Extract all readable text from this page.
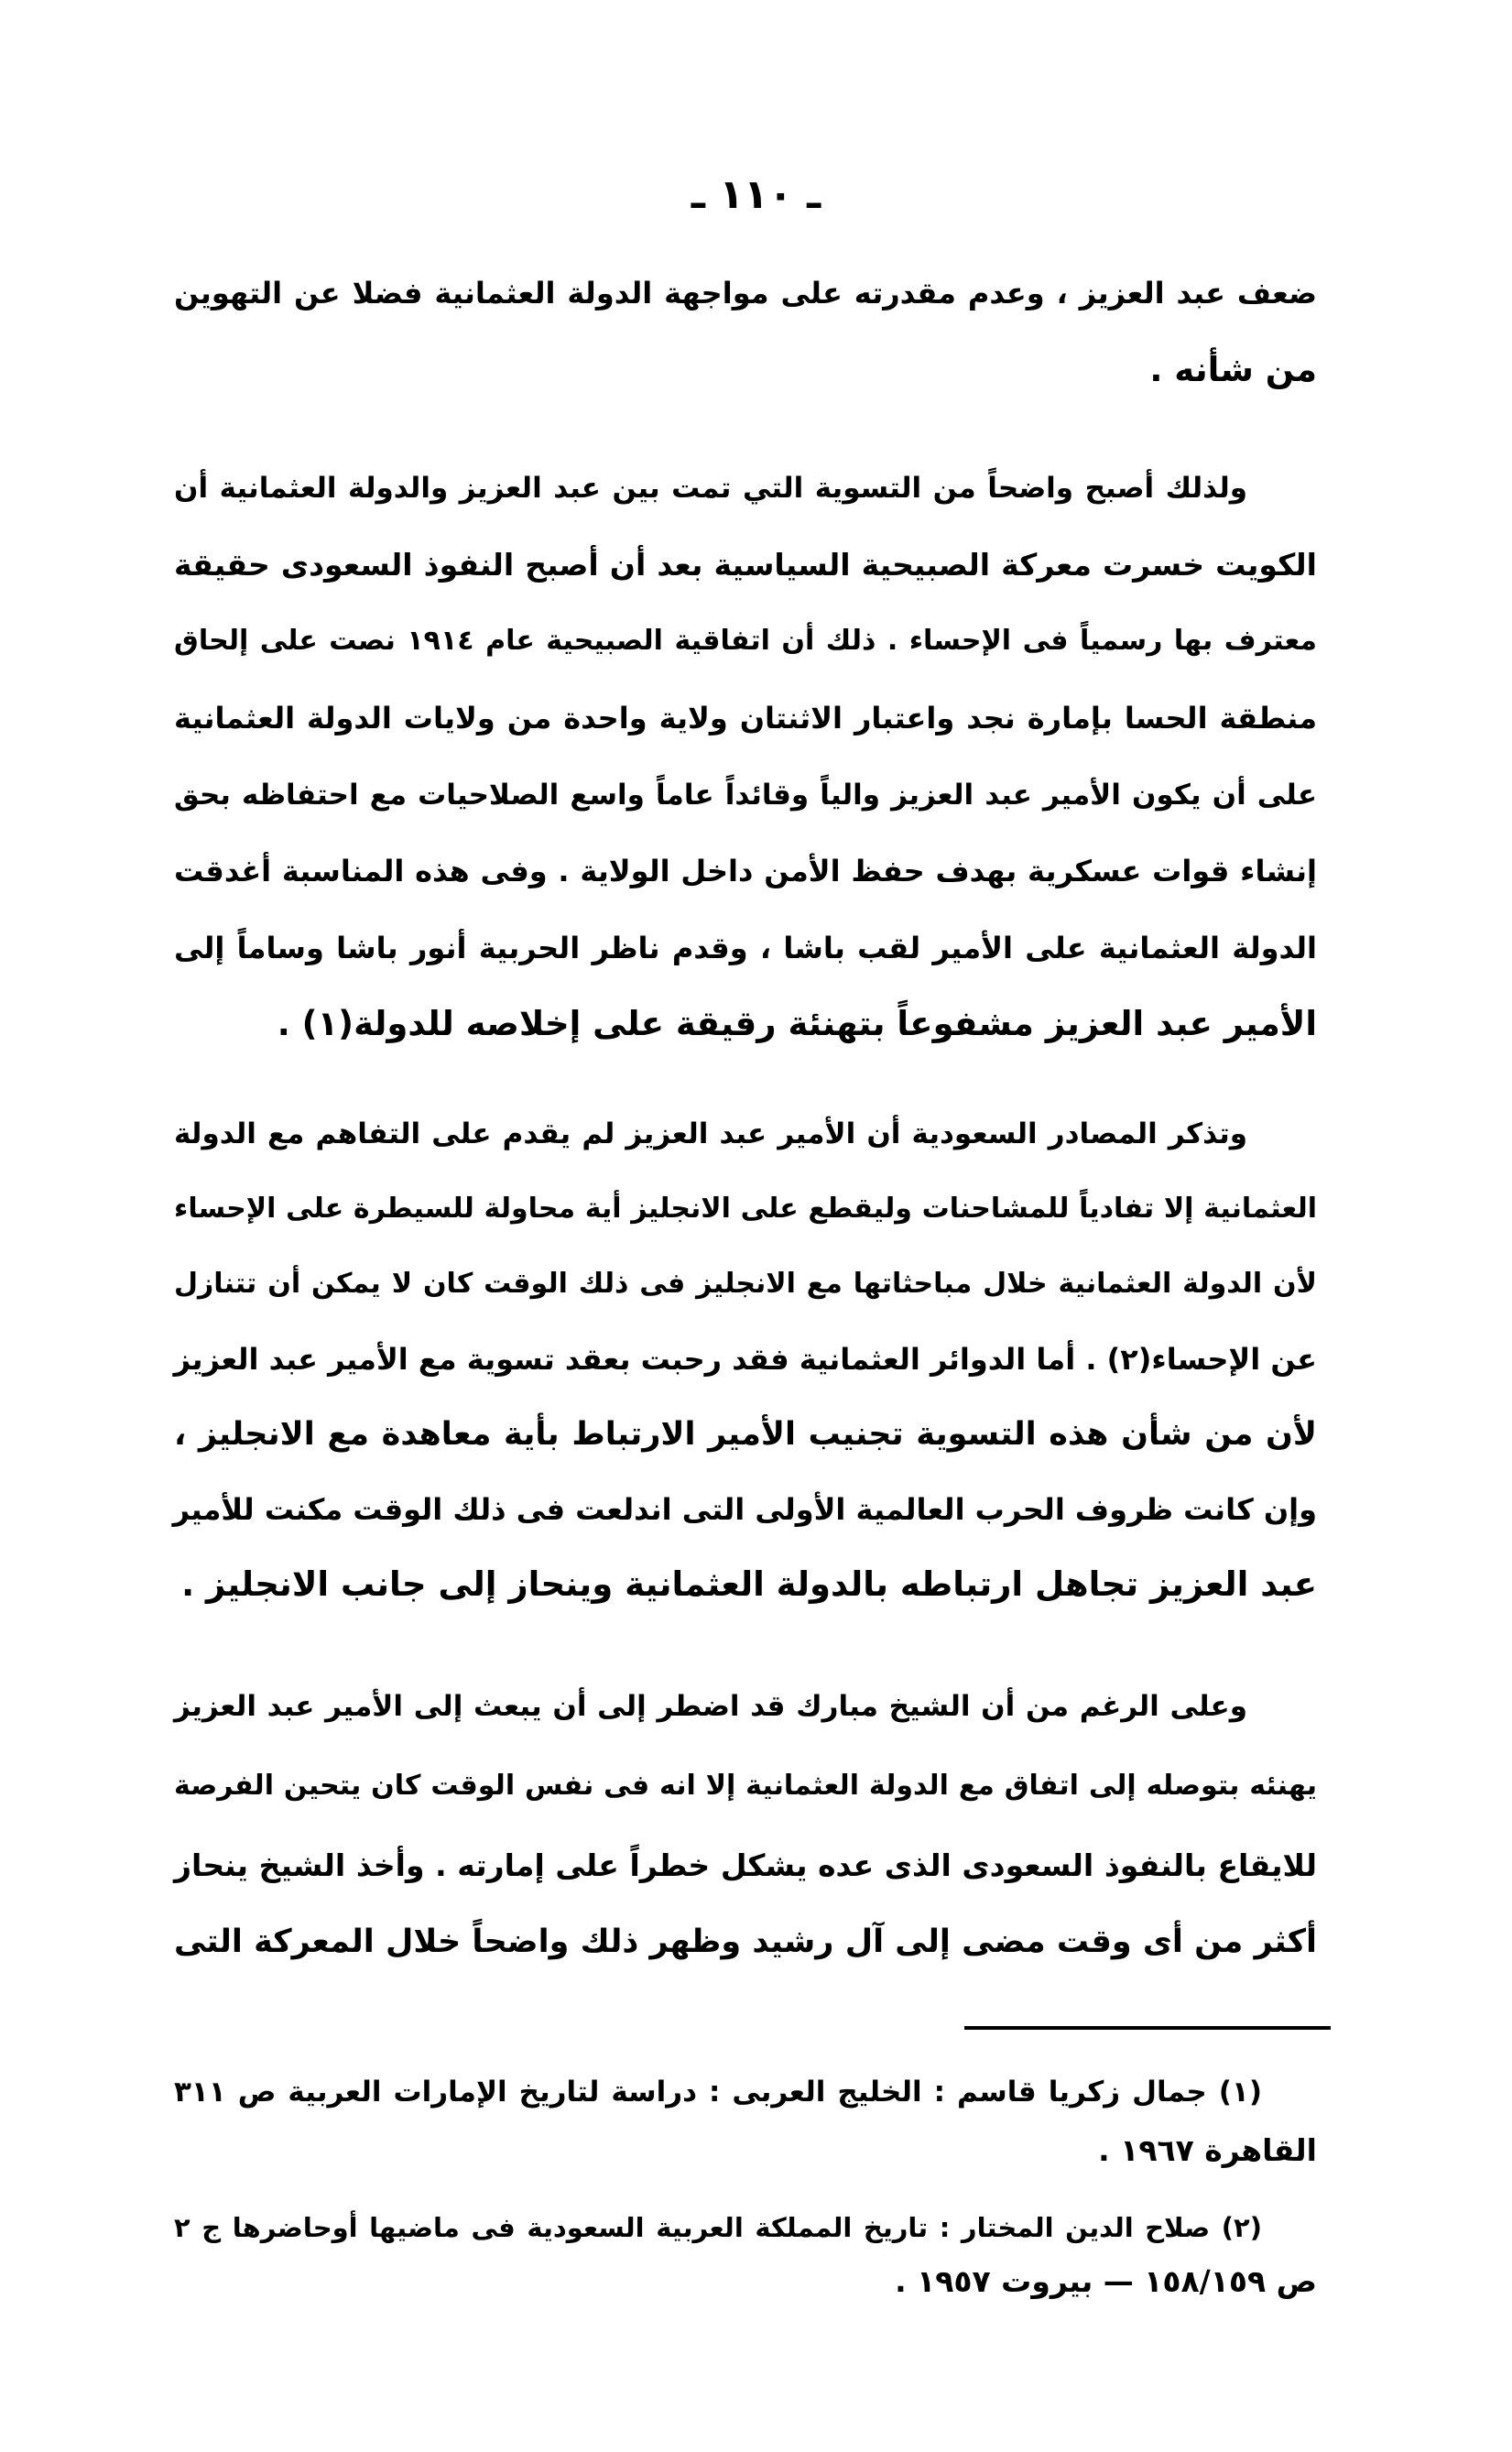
ـ ١١٠ ـ
ضعف عبد العزيز ، وعدم مقدرته على مواجهة الدولة العثمانية فضلا عن التهوين
من شأنه .
ولذلك أصبح واضحاً من التسوية التي تمت بين عبد العزيز والدولة العثمانية أن
الكويت خسرت معركة الصبيحية السياسية بعد أن أصبح النفوذ السعودى حقيقة
معترف بها رسمياً فى الإحساء . ذلك أن اتفاقية الصبيحية عام ١٩١٤ نصت على إلحاق
منطقة الحسا بإمارة نجد واعتبار الاثنتان ولاية واحدة من ولايات الدولة العثمانية
على أن يكون الأمير عبد العزيز والياً وقائداً عاماً واسع الصلاحيات مع احتفاظه بحق
إنشاء قوات عسكرية بهدف حفظ الأمن داخل الولاية . وفى هذه المناسبة أغدقت
الدولة العثمانية على الأمير لقب باشا ، وقدم ناظر الحربية أنور باشا وساماً إلى
الأمير عبد العزيز مشفوعاً بتهنئة رقيقة على إخلاصه للدولة(١) .
وتذكر المصادر السعودية أن الأمير عبد العزيز لم يقدم على التفاهم مع الدولة
العثمانية إلا تفادياً للمشاحنات وليقطع على الانجليز أية محاولة للسيطرة على الإحساء
لأن الدولة العثمانية خلال مباحثاتها مع الانجليز فى ذلك الوقت كان لا يمكن أن تتنازل
عن الإحساء(٢) . أما الدوائر العثمانية فقد رحبت بعقد تسوية مع الأمير عبد العزيز
لأن من شأن هذه التسوية تجنيب الأمير الارتباط بأية معاهدة مع الانجليز ،
وإن كانت ظروف الحرب العالمية الأولى التى اندلعت فى ذلك الوقت مكنت للأمير
عبد العزيز تجاهل ارتباطه بالدولة العثمانية وينحاز إلى جانب الانجليز .
وعلى الرغم من أن الشيخ مبارك قد اضطر إلى أن يبعث إلى الأمير عبد العزيز
يهنئه بتوصله إلى اتفاق مع الدولة العثمانية إلا انه فى نفس الوقت كان يتحين الفرصة
للايقاع بالنفوذ السعودى الذى عده يشكل خطراً على إمارته . وأخذ الشيخ ينحاز
أكثر من أى وقت مضى إلى آل رشيد وظهر ذلك واضحاً خلال المعركة التى
(١) جمال زكريا قاسم : الخليج العربى : دراسة لتاريخ الإمارات العربية ص ٣١١
القاهرة ١٩٦٧ .
(٢) صلاح الدين المختار : تاريخ المملكة العربية السعودية فى ماضيها أوحاضرها ج ٢
ص ١٥٨/١٥٩ — بيروت ١٩٥٧ .
